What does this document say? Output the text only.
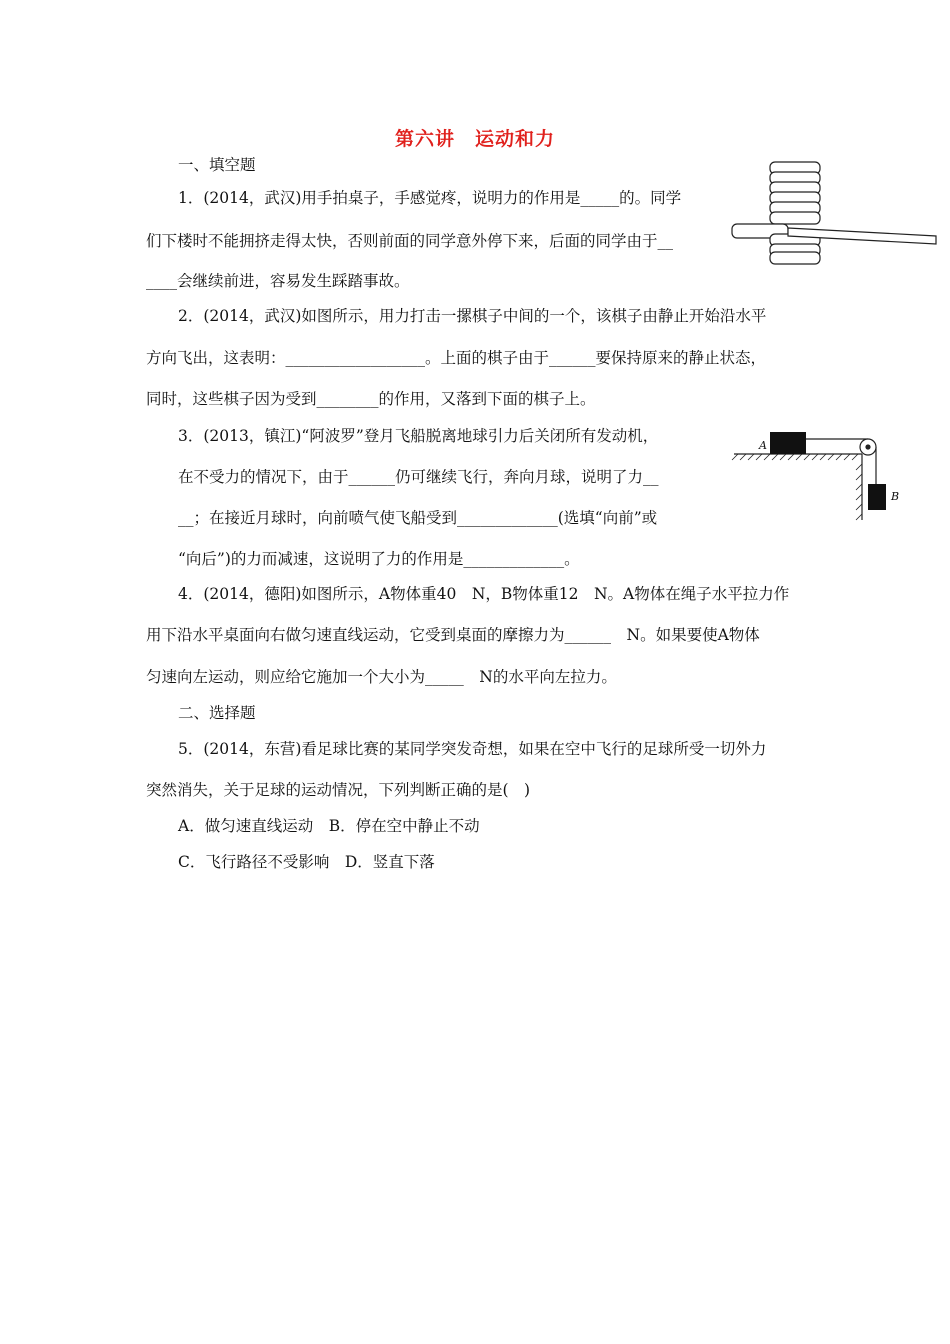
第六讲　运动和力
一、填空题
1．(2014，武汉)用手拍桌子，手感觉疼，说明力的作用是_____的。同学
们下楼时不能拥挤走得太快，否则前面的同学意外停下来，后面的同学由于__
____会继续前进，容易发生踩踏事故。
2．(2014，武汉)如图所示，用力打击一摞棋子中间的一个，该棋子由静止开始沿水平
方向飞出，这表明：__________________。上面的棋子由于______要保持原来的静止状态，
同时，这些棋子因为受到________的作用，又落到下面的棋子上。
3．(2013，镇江)“阿波罗”登月飞船脱离地球引力后关闭所有发动机，
在不受力的情况下，由于______仍可继续飞行，奔向月球，说明了力__
__；在接近月球时，向前喷气使飞船受到_____________(选填“向前”或
“向后”)的力而减速，这说明了力的作用是_____________。
4．(2014，德阳)如图所示，A物体重40　N，B物体重12　N。A物体在绳子水平拉力作
用下沿水平桌面向右做匀速直线运动，它受到桌面的摩擦力为______　N。如果要使A物体
匀速向左运动，则应给它施加一个大小为_____　N的水平向左拉力。
二、选择题
5．(2014，东营)看足球比赛的某同学突发奇想，如果在空中飞行的足球所受一切外力
突然消失，关于足球的运动情况，下列判断正确的是(　)
A．做匀速直线运动　B．停在空中静止不动
C．飞行路径不受影响　D．竖直下落
A
B
